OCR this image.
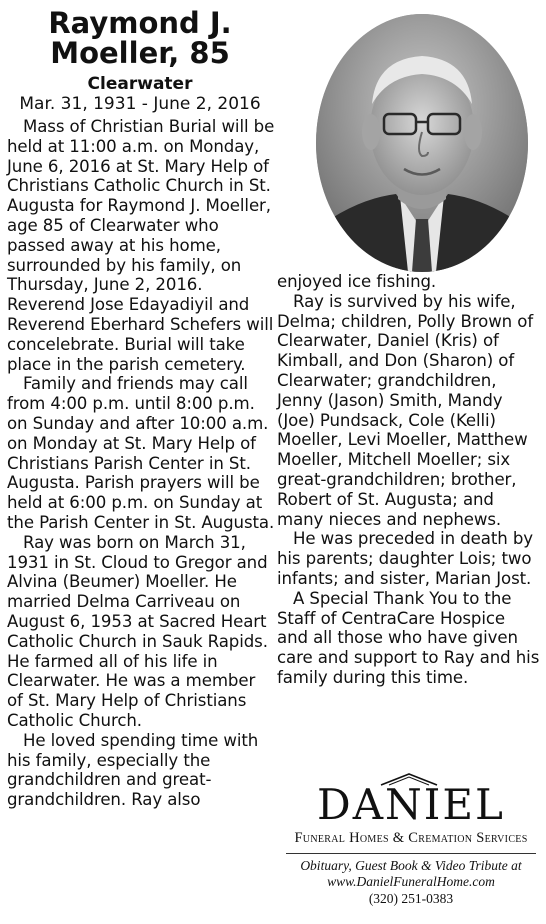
Raymond J.
Moeller, 85
Clearwater
Mar. 31, 1931 - June 2, 2016

Mass of Christian Burial will be held at 11:00 a.m. on Monday, June 6, 2016 at St. Mary Help of Christians Catholic Church in St. Augusta for Raymond J. Moeller, age 85 of Clearwater who passed away at his home, surrounded by his family, on Thursday, June 2, 2016. Reverend Jose Edayadiyil and Reverend Eberhard Schefers will concelebrate. Burial will take place in the parish cemetery.

Family and friends may call from 4:00 p.m. until 8:00 p.m. on Sunday and after 10:00 a.m. on Monday at St. Mary Help of Christians Parish Center in St. Augusta. Parish prayers will be held at 6:00 p.m. on Sunday at the Parish Center in St. Augusta.

Ray was born on March 31, 1931 in St. Cloud to Gregor and Alvina (Beumer) Moeller. He married Delma Carriveau on August 6, 1953 at Sacred Heart Catholic Church in Sauk Rapids. He farmed all of his life in Clearwater. He was a member of St. Mary Help of Christians Catholic Church.

He loved spending time with his family, especially the grandchildren and great-grandchildren. Ray also

enjoyed ice fishing.

Ray is survived by his wife, Delma; children, Polly Brown of Clearwater, Daniel (Kris) of Kimball, and Don (Sharon) of Clearwater; grandchildren, Jenny (Jason) Smith, Mandy (Joe) Pundsack, Cole (Kelli) Moeller, Levi Moeller, Matthew Moeller, Mitchell Moeller; six great-grandchildren; brother, Robert of St. Augusta; and many nieces and nephews.

He was preceded in death by his parents; daughter Lois; two infants; and sister, Marian Jost.

A Special Thank You to the Staff of CentraCare Hospice and all those who have given care and support to Ray and his family during this time.

DANIEL
Funeral Homes & Cremation Services
Obituary, Guest Book & Video Tribute at
www.DanielFuneralHome.com
(320) 251-0383
